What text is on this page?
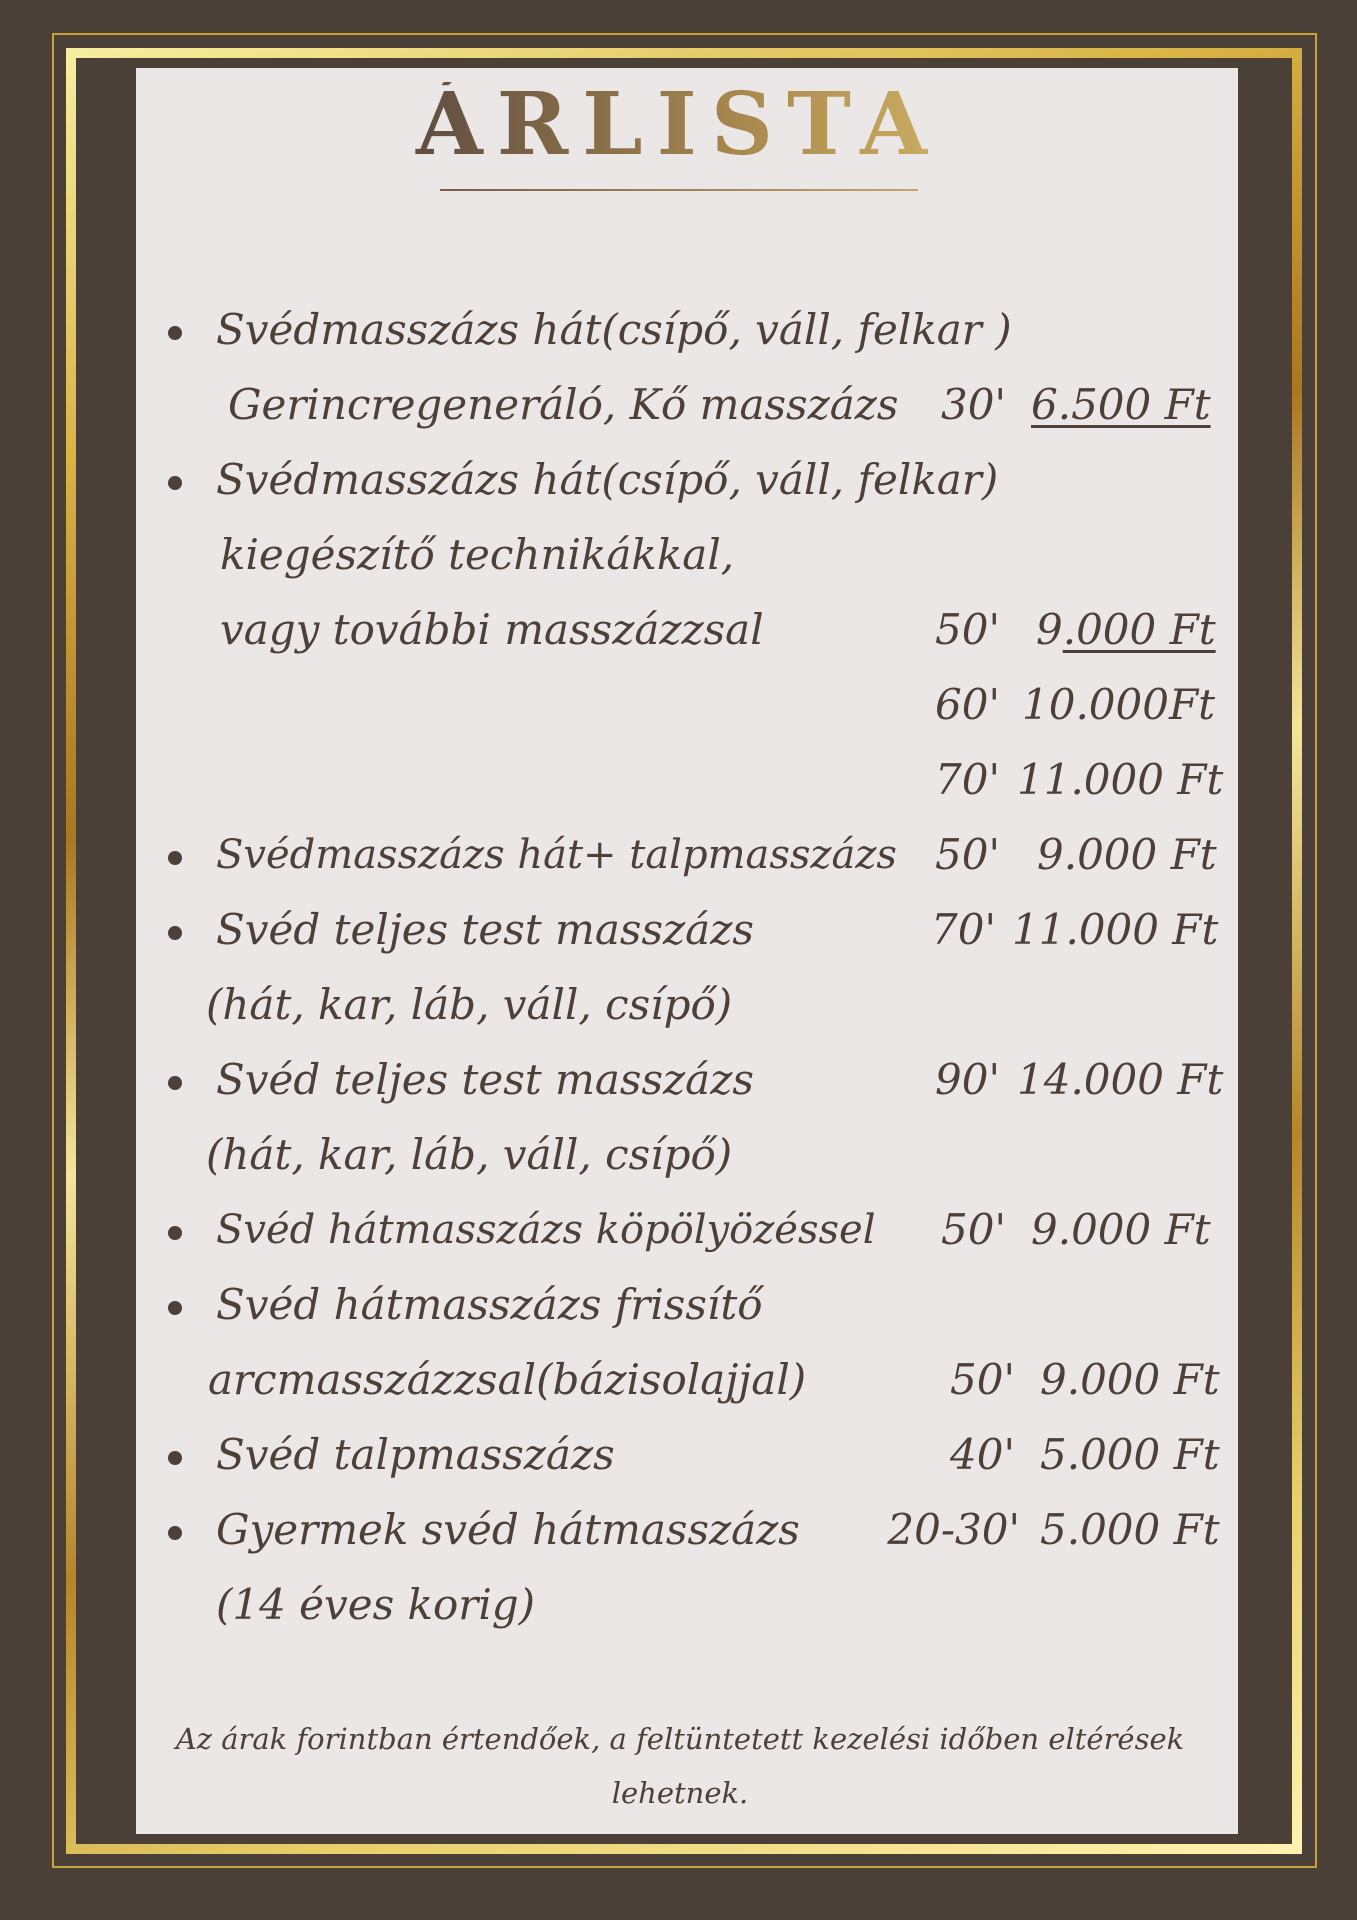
ÁRLISTA
Svédmasszázs hát(csípő, váll, felkar )
Gerincregeneráló, Kő masszázs	30' 6.500 Ft
Svédmasszázs hát(csípő, váll, felkar)
kiegészítő technikákkal,
vagy további masszázzsal	50' 9.000 Ft
60' 10.000Ft
70' 11.000 Ft
Svédmasszázs hát+ talpmasszázs 50' 9.000 Ft
Svéd teljes test masszázs	70' 11.000 Ft
(hát, kar, láb, váll, csípő)
Svéd teljes test masszázs	90' 14.000 Ft
(hát, kar, láb, váll, csípő)
Svéd hátmasszázs köpölyözéssel	50' 9.000 Ft
Svéd hátmasszázs frissítő
arcmasszázzsal(bázisolajjal)	50' 9.000 Ft
Svéd talpmasszázs	40' 5.000 Ft
Gyermek svéd hátmasszázs 20-30' 5.000 Ft
(14 éves korig)
Az árak forintban értendőek, a feltüntetett kezelési időben eltérések
lehetnek.
